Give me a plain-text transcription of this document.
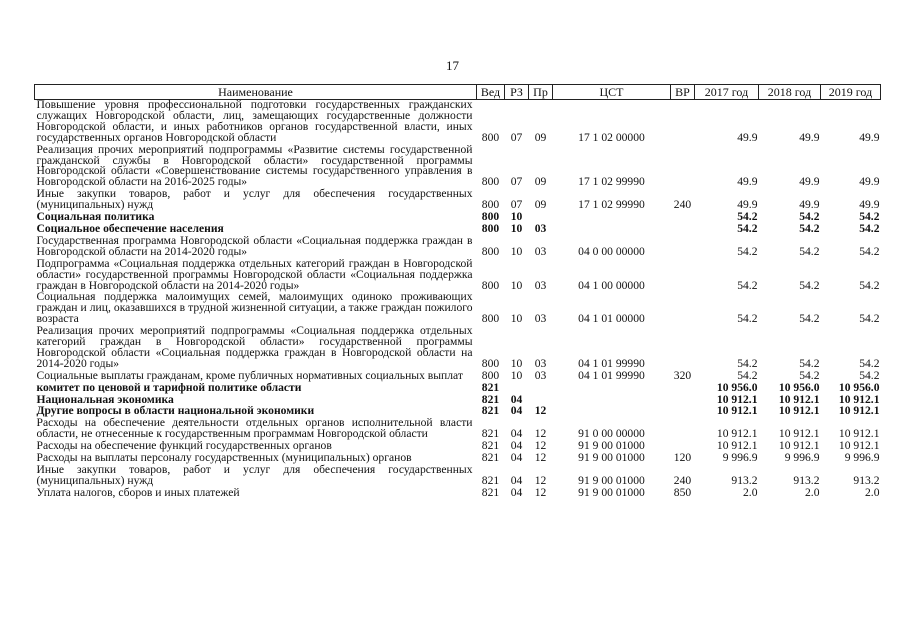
17
Наименование	Вед	РЗ	Пр	ЦСТ	ВР	2017 год	2018 год	2019 год
Повышение уровня профессиональной подготовки государственных гражданских служащих Новгородской области, лиц, замещающих государственные должности Новгородской области, и иных работников органов государственной власти, иных государственных органов Новгородской области	800	07	09	17 1 02 00000		49.9	49.9	49.9
Реализация прочих мероприятий подпрограммы «Развитие системы государственной гражданской службы в Новгородской области» государственной программы Новгородской области «Совершенствование системы государственного управления в Новгородской области на 2016-2025 годы»	800	07	09	17 1 02 99990		49.9	49.9	49.9
Иные закупки товаров, работ и услуг для обеспечения государственных (муниципальных) нужд	800	07	09	17 1 02 99990	240	49.9	49.9	49.9
Социальная политика	800	10				54.2	54.2	54.2
Социальное обеспечение населения	800	10	03			54.2	54.2	54.2
Государственная программа Новгородской области «Социальная поддержка граждан в Новгородской области на 2014-2020 годы»	800	10	03	04 0 00 00000		54.2	54.2	54.2
Подпрограмма «Социальная поддержка отдельных категорий граждан в Новгородской области» государственной программы Новгородской области «Социальная поддержка граждан в Новгородской области на 2014-2020 годы»	800	10	03	04 1 00 00000		54.2	54.2	54.2
Социальная поддержка малоимущих семей, малоимущих одиноко проживающих граждан и лиц, оказавшихся в трудной жизненной ситуации, а также граждан пожилого возраста	800	10	03	04 1 01 00000		54.2	54.2	54.2
Реализация прочих мероприятий подпрограммы «Социальная поддержка отдельных категорий граждан в Новгородской области» государственной программы Новгородской области «Социальная поддержка граждан в Новгородской области на 2014-2020 годы»	800	10	03	04 1 01 99990		54.2	54.2	54.2
Социальные выплаты гражданам, кроме публичных нормативных социальных выплат	800	10	03	04 1 01 99990	320	54.2	54.2	54.2
комитет по ценовой и тарифной политике области	821					10 956.0	10 956.0	10 956.0
Национальная экономика	821	04				10 912.1	10 912.1	10 912.1
Другие вопросы в области национальной экономики	821	04	12			10 912.1	10 912.1	10 912.1
Расходы на обеспечение деятельности отдельных органов исполнительной власти области, не отнесенные к государственным программам Новгородской области	821	04	12	91 0 00 00000		10 912.1	10 912.1	10 912.1
Расходы на обеспечение функций государственных органов	821	04	12	91 9 00 01000		10 912.1	10 912.1	10 912.1
Расходы на выплаты персоналу государственных (муниципальных) органов	821	04	12	91 9 00 01000	120	9 996.9	9 996.9	9 996.9
Иные закупки товаров, работ и услуг для обеспечения государственных (муниципальных) нужд	821	04	12	91 9 00 01000	240	913.2	913.2	913.2
Уплата налогов, сборов и иных платежей	821	04	12	91 9 00 01000	850	2.0	2.0	2.0
